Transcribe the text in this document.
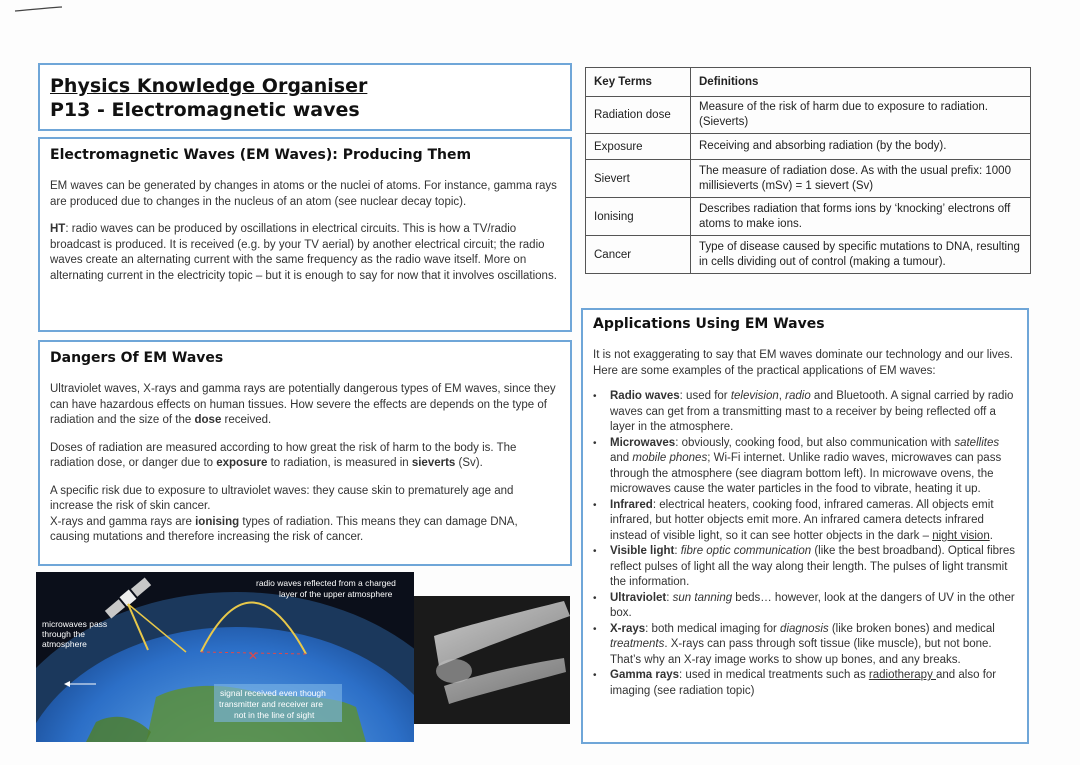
Physics Knowledge Organiser
P13 - Electromagnetic waves
Electromagnetic Waves (EM Waves): Producing Them

EM waves can be generated by changes in atoms or the nuclei of atoms. For instance, gamma rays are produced due to changes in the nucleus of an atom (see nuclear decay topic).

HT: radio waves can be produced by oscillations in electrical circuits. This is how a TV/radio broadcast is produced. It is received (e.g. by your TV aerial) by another electrical circuit; the radio waves create an alternating current with the same frequency as the radio wave itself. More on alternating current in the electricity topic – but it is enough to say for now that it involves oscillations.

Dangers Of EM Waves

Ultraviolet waves, X-rays and gamma rays are potentially dangerous types of EM waves, since they can have hazardous effects on human tissues. How severe the effects are depends on the type of radiation and the size of the dose received.

Doses of radiation are measured according to how great the risk of harm to the body is. The radiation dose, or danger due to exposure to radiation, is measured in sieverts (Sv).

A specific risk due to exposure to ultraviolet waves: they cause skin to prematurely age and increase the risk of skin cancer.
X-rays and gamma rays are ionising types of radiation. This means they can damage DNA, causing mutations and therefore increasing the risk of cancer.

Key Terms	Definitions
Radiation dose	Measure of the risk of harm due to exposure to radiation. (Sieverts)
Exposure	Receiving and absorbing radiation (by the body).
Sievert	The measure of radiation dose. As with the usual prefix: 1000 millisieverts (mSv) = 1 sievert (Sv)
Ionising	Describes radiation that forms ions by ‘knocking’ electrons off atoms to make ions.
Cancer	Type of disease caused by specific mutations to DNA, resulting in cells dividing out of control (making a tumour).
Applications Using EM Waves
It is not exaggerating to say that EM waves dominate our technology and our lives. Here are some examples of the practical applications of EM waves:
• Radio waves: used for television, radio and Bluetooth. A signal carried by radio waves can get from a transmitting mast to a receiver by being reflected off a layer in the atmosphere.
• Microwaves: obviously, cooking food, but also communication with satellites and mobile phones; Wi-Fi internet. Unlike radio waves, microwaves can pass through the atmosphere (see diagram bottom left). In microwave ovens, the microwaves cause the water particles in the food to vibrate, heating it up.
• Infrared: electrical heaters, cooking food, infrared cameras. All objects emit infrared, but hotter objects emit more. An infrared camera detects infrared instead of visible light, so it can see hotter objects in the dark – night vision.
• Visible light: fibre optic communication (like the best broadband). Optical fibres reflect pulses of light all the way along their length. The pulses of light transmit the information.
• Ultraviolet: sun tanning beds… however, look at the dangers of UV in the other box.
• X-rays: both medical imaging for diagnosis (like broken bones) and medical treatments. X-rays can pass through soft tissue (like muscle), but not bone. That’s why an X-ray image works to show up bones, and any breaks.
• Gamma rays: used in medical treatments such as radiotherapy and also for imaging (see radiation topic)
✕
radio waves reflected from a charged layer of the upper atmosphere
microwaves pass through the atmosphere
signal received even though transmitter and receiver are not in the line of sight
